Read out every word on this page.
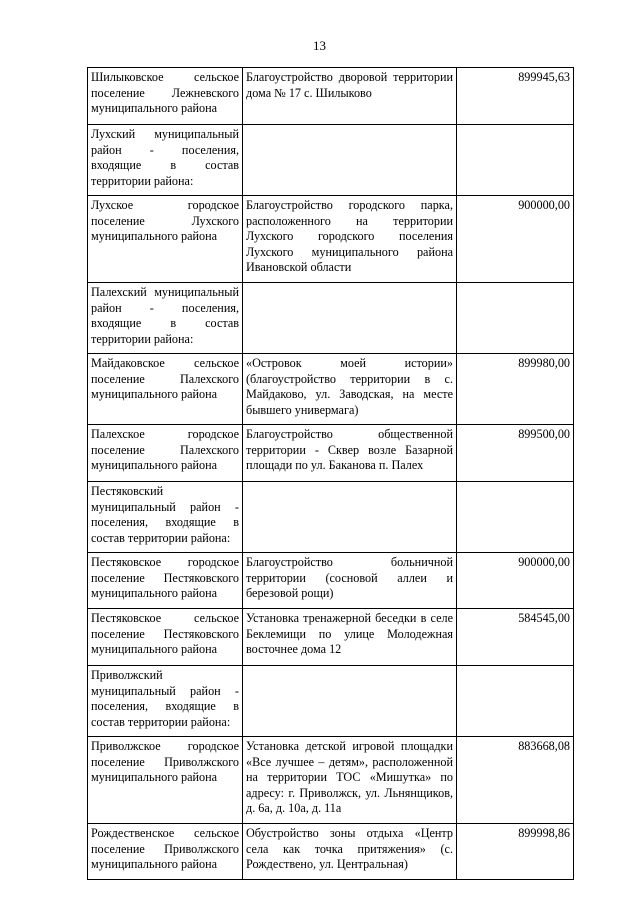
13
Шилыковское сельское поселение Лежневского муниципального района	Благоустройство дворовой территории дома № 17 с. Шилыково	899945,63
Лухский муниципальный район - поселения, входящие в состав территории района:		
Лухское городское поселение Лухского муниципального района	Благоустройство городского парка, расположенного на территории Лухского городского поселения Лухского муниципального района Ивановской области	900000,00
Палехский муниципальный район - поселения, входящие в состав территории района:		
Майдаковское сельское поселение Палехского муниципального района	«Островок моей истории» (благоустройство территории в с. Майдаково, ул. Заводская, на месте бывшего универмага)	899980,00
Палехское городское поселение Палехского муниципального района	Благоустройство общественной территории - Сквер возле Базарной площади по ул. Баканова п. Палех	899500,00
Пестяковский муниципальный район - поселения, входящие в состав территории района:		
Пестяковское городское поселение Пестяковского муниципального района	Благоустройство больничной территории (сосновой аллеи и березовой рощи)	900000,00
Пестяковское сельское поселение Пестяковского муниципального района	Установка тренажерной беседки в селе Беклемищи по улице Молодежная восточнее дома 12	584545,00
Приволжский муниципальный район - поселения, входящие в состав территории района:		
Приволжское городское поселение Приволжского муниципального района	Установка детской игровой площадки «Все лучшее – детям», расположенной на территории ТОС «Мишутка» по адресу: г. Приволжск, ул. Льнянщиков, д. 6а, д. 10а, д. 11а	883668,08
Рождественское сельское поселение Приволжского муниципального района	Обустройство зоны отдыха «Центр села как точка притяжения» (с. Рождествено, ул. Центральная)	899998,86
